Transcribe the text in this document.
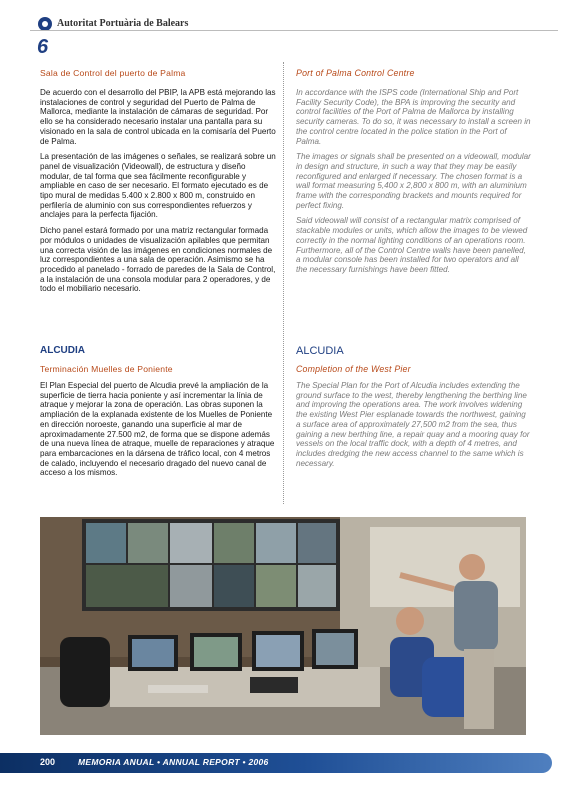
Autoritat Portuària de Balears
6
Sala de Control del puerto de Palma

De acuerdo con el desarrollo del PBIP, la APB está mejorando las instalaciones de control y seguridad del Puerto de Palma de Mallorca, mediante la instalación de cámaras de seguridad. Por ello se ha considerado necesario instalar una pantalla para su visionado en la sala de control ubicada en la comisaría del Puerto de Palma.

La presentación de las imágenes o señales, se realizará sobre un panel de visualización (Videowall), de estructura y diseño modular, de tal forma que sea fácilmente reconfigurable y ampliable en caso de ser necesario. El formato ejecutado es de tipo mural de medidas 5.400 x 2.800 x 800 m, construido en perfilería de aluminio con sus correspondientes refuerzos y anclajes para la perfecta fijación.

Dicho panel estará formado por una matriz rectangular formada por módulos o unidades de visualización apilables que permitan una correcta visión de las imágenes en condiciones normales de luz correspondientes a una sala de operación. Asimismo se ha procedido al panelado - forrado de paredes de la Sala de Control, a la instalación de una consola modular para 2 operadores, y de todo el mobiliario necesario.

ALCUDIA
Terminación Muelles de Poniente

El Plan Especial del puerto de Alcudia prevé la ampliación de la superficie de tierra hacia poniente y así incrementar la línia de atraque y mejorar la zona de operación. Las obras suponen la ampliación de la explanada existente de los Muelles de Poniente en dirección noroeste, ganando una superficie al mar de aproximadamente 27.500 m2, de forma que se dispone además de una nueva línea de atraque, muelle de reparaciones y atraque para embarcaciones en la dársena de tráfico local, con 4 metros de calado, incluyendo el necesario dragado del nuevo canal de acceso a los mismos.

Port of Palma Control Centre

In accordance with the ISPS code (International Ship and Port Facility Security Code), the BPA is improving the security and control facilities of the Port of Palma de Mallorca by installing security cameras. To do so, it was necessary to install a screen in the control centre located in the police station in the Port of Palma.

The images or signals shall be presented on a videowall, modular in design and structure, in such a way that they may be easily reconfigured and enlarged if necessary. The chosen format is a wall format measuring 5,400 x 2,800 x 800 m, with an aluminium frame with the corresponding brackets and mounts required for perfect fixing.

Said videowall will consist of a rectangular matrix comprised of stackable modules or units, which allow the images to be viewed correctly in the normal lighting conditions of an operations room. Furthermore, all of the Control Centre walls have been panelled, a modular console has been installed for two operators and all the necessary furnishings have been fitted.

ALCUDIA
Completion of the West Pier

The Special Plan for the Port of Alcudia includes extending the ground surface to the west, thereby lengthening the berthing line and improving the operations area. The work involves widening the existing West Pier esplanade towards the northwest, gaining a surface area of approximately 27,500 m2 from the sea, thus gaining a new berthing line, a repair quay and a mooring quay for vessels on the local traffic dock, with a depth of 4 metres, and includes dredging the new access channel to the same which is necessary.

200	MEMORIA ANUAL • ANNUAL REPORT • 2006
